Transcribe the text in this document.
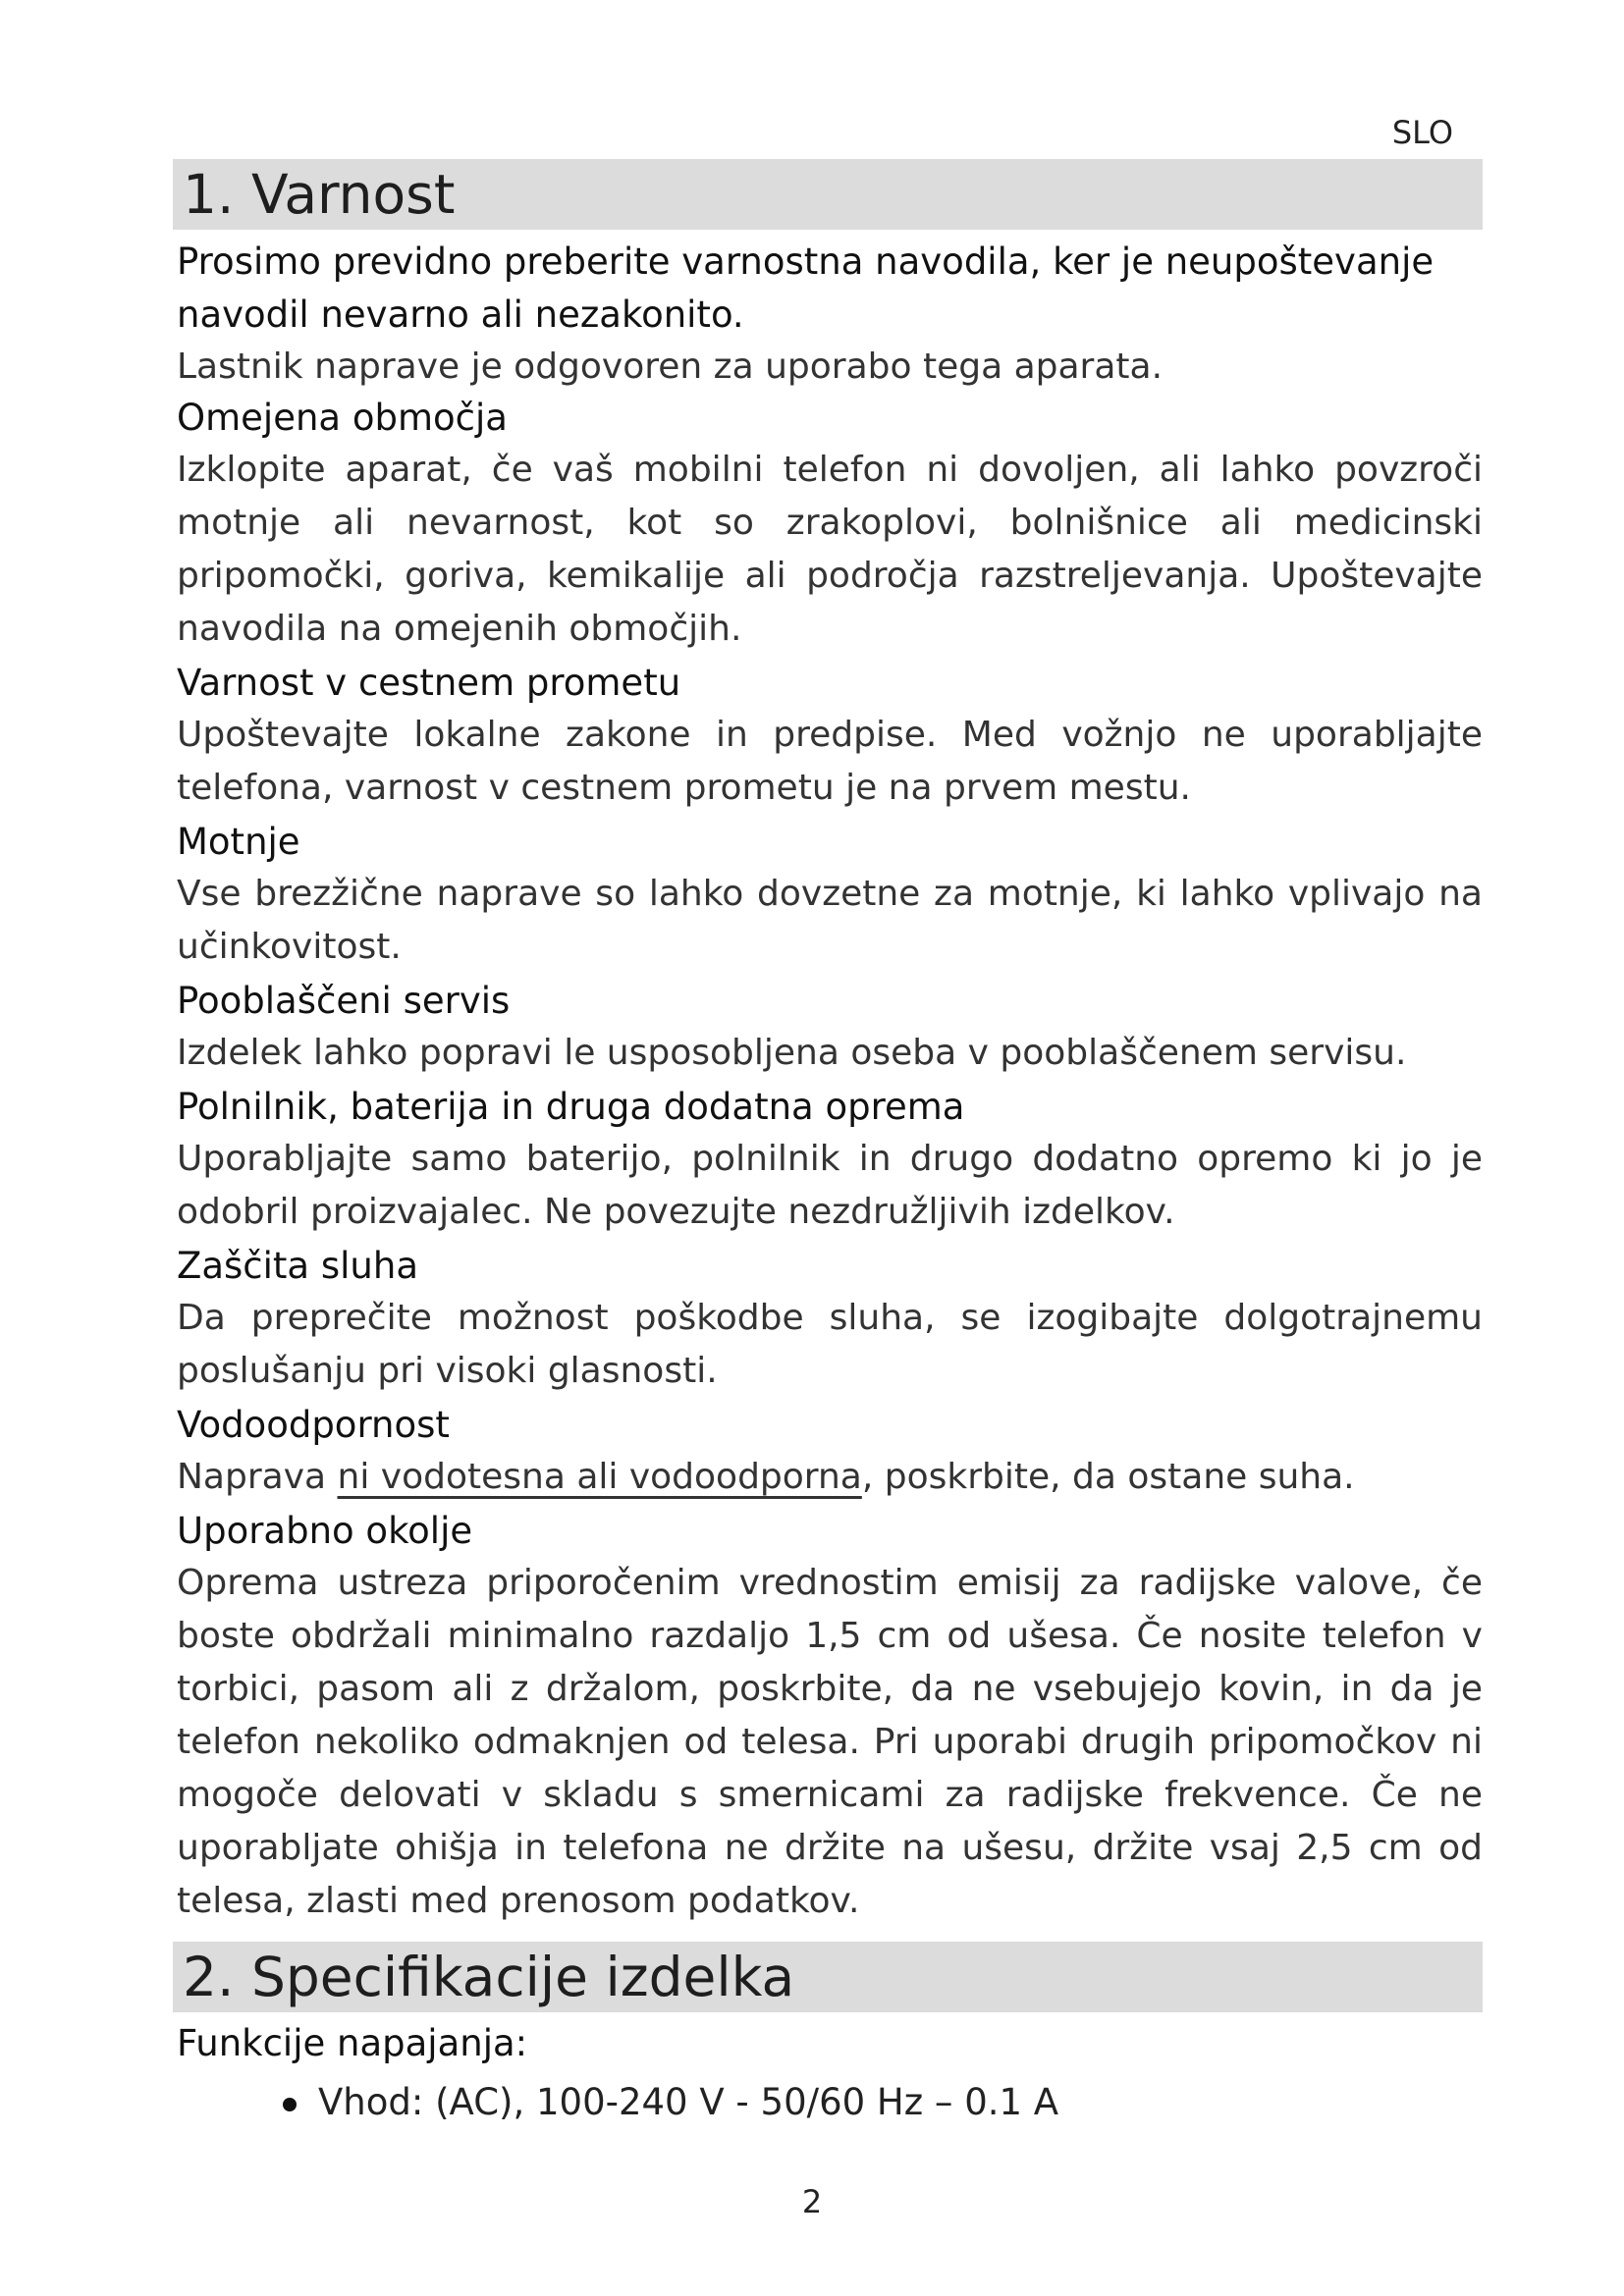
SLO
1. Varnost

Prosimo previdno preberite varnostna navodila, ker je neupoštevanje

navodil nevarno ali nezakonito.

Lastnik naprave je odgovoren za uporabo tega aparata.

Omejena območja

Izklopite aparat, če vaš mobilni telefon ni dovoljen, ali lahko povzroči motnje ali nevarnost, kot so zrakoplovi, bolnišnice ali medicinski pripomočki, goriva, kemikalije ali področja razstreljevanja. Upoštevajte navodila na omejenih območjih.

Varnost v cestnem prometu

Upoštevajte lokalne zakone in predpise. Med vožnjo ne uporabljajte telefona, varnost v cestnem prometu je na prvem mestu.

Motnje

Vse brezžične naprave so lahko dovzetne za motnje, ki lahko vplivajo na učinkovitost.

Pooblaščeni servis

Izdelek lahko popravi le usposobljena oseba v pooblaščenem servisu.

Polnilnik, baterija in druga dodatna oprema

Uporabljajte samo baterijo, polnilnik in drugo dodatno opremo ki jo je odobril proizvajalec. Ne povezujte nezdružljivih izdelkov.

Zaščita sluha

Da preprečite možnost poškodbe sluha, se izogibajte dolgotrajnemu poslušanju pri visoki glasnosti.

Vodoodpornost

Naprava ni vodotesna ali vodoodporna, poskrbite, da ostane suha.

Uporabno okolje

Oprema ustreza priporočenim vrednostim emisij za radijske valove, če boste obdržali minimalno razdaljo 1,5 cm od ušesa. Če nosite telefon v torbici, pasom ali z držalom, poskrbite, da ne vsebujejo kovin, in da je telefon nekoliko odmaknjen od telesa. Pri uporabi drugih pripomočkov ni mogoče delovati v skladu s smernicami za radijske frekvence. Če ne uporabljate ohišja in telefona ne držite na ušesu, držite vsaj 2,5 cm od telesa, zlasti med prenosom podatkov.

2. Specifikacije izdelka

Funkcije napajanja:

Vhod: (AC), 100-240 V - 50/60 Hz – 0.1 A
2
